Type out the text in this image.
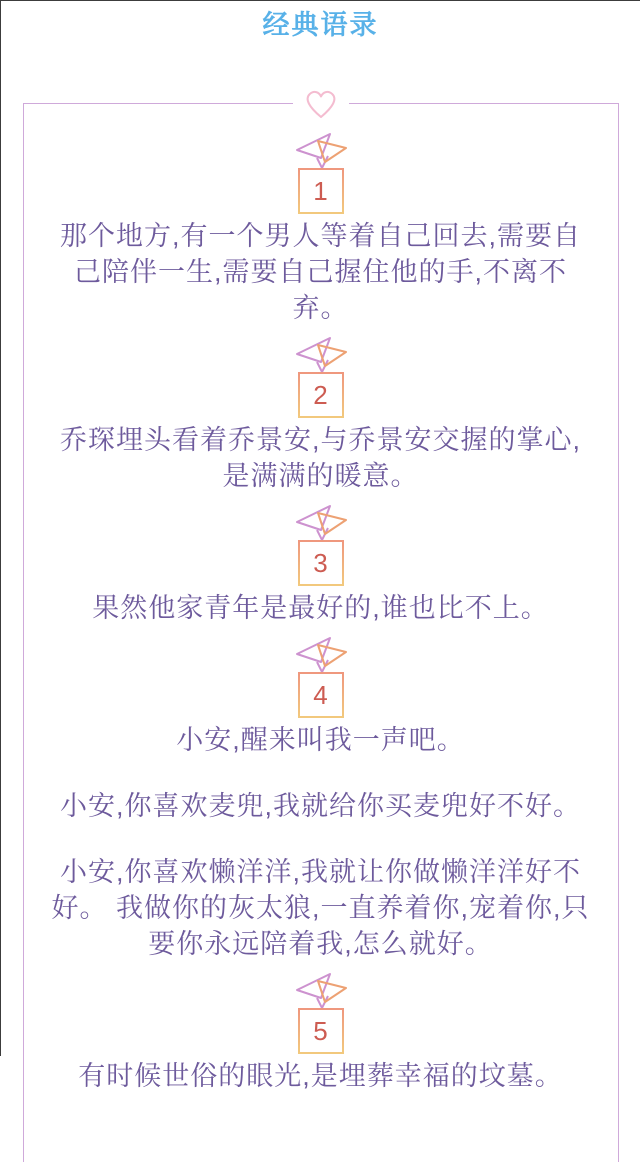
经典语录
1

那个地方,有一个男人等着自己回去,需要自己陪伴一生,需要自己握住他的手,不离不弃。

2

乔琛埋头看着乔景安,与乔景安交握的掌心,是满满的暖意。

3

果然他家青年是最好的,谁也比不上。

4

小安,醒来叫我一声吧。

小安,你喜欢麦兜,我就给你买麦兜好不好。

小安,你喜欢懒洋洋,我就让你做懒洋洋好不好。 我做你的灰太狼,一直养着你,宠着你,只要你永远陪着我,怎么就好。

5

有时候世俗的眼光,是埋葬幸福的坟墓。
